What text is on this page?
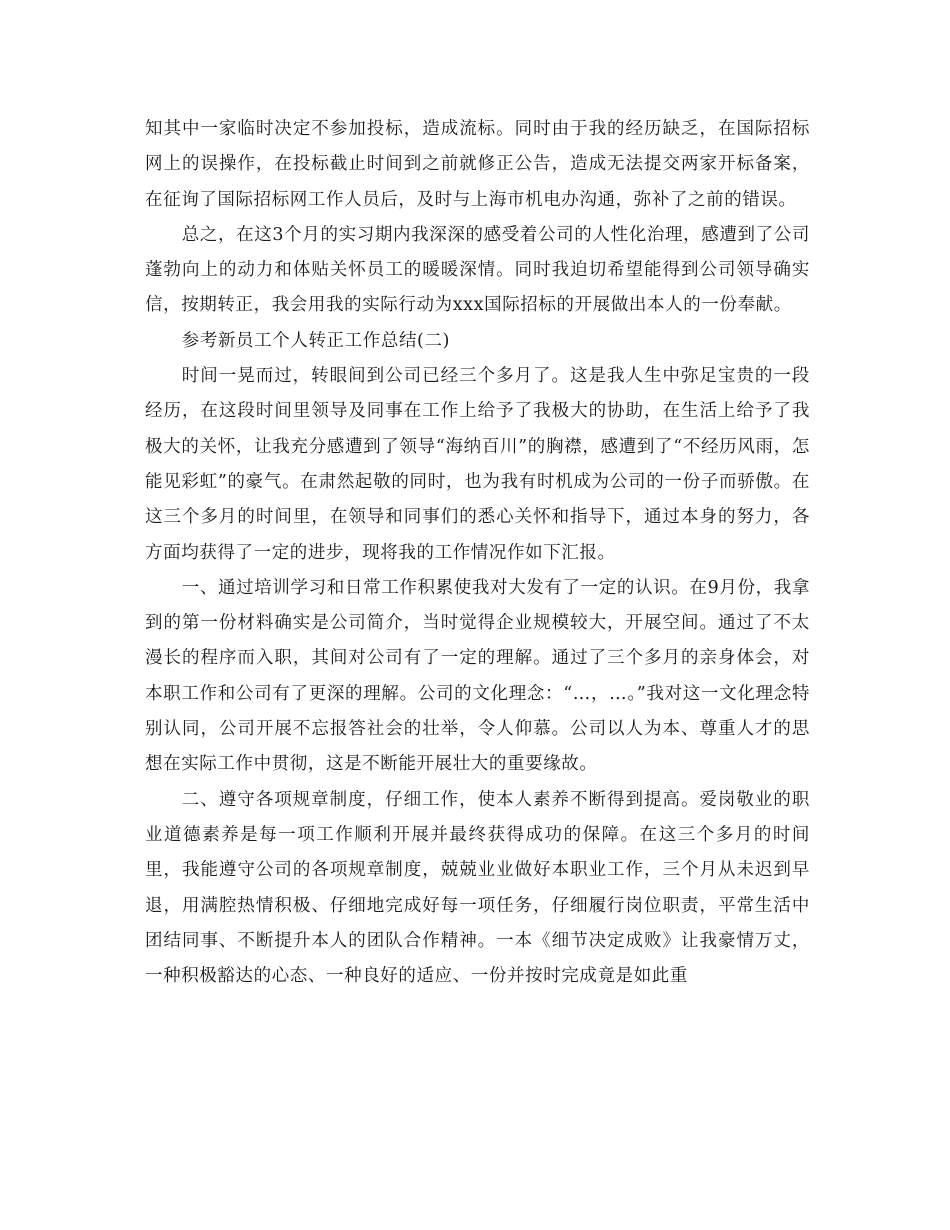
知其中一家临时决定不参加投标，造成流标。同时由于我的经历缺乏，在国际招标网上的误操作，在投标截止时间到之前就修正公告，造成无法提交两家开标备案，在征询了国际招标网工作人员后，及时与上海市机电办沟通，弥补了之前的错误。

总之，在这3个月的实习期内我深深的感受着公司的人性化治理，感遭到了公司蓬勃向上的动力和体贴关怀员工的暖暖深情。同时我迫切希望能得到公司领导确实信，按期转正，我会用我的实际行动为xxx国际招标的开展做出本人的一份奉献。

参考新员工个人转正工作总结(二)

时间一晃而过，转眼间到公司已经三个多月了。这是我人生中弥足宝贵的一段经历，在这段时间里领导及同事在工作上给予了我极大的协助，在生活上给予了我极大的关怀，让我充分感遭到了领导“海纳百川”的胸襟，感遭到了“不经历风雨，怎能见彩虹”的豪气。在肃然起敬的同时，也为我有时机成为公司的一份子而骄傲。在这三个多月的时间里，在领导和同事们的悉心关怀和指导下，通过本身的努力，各方面均获得了一定的进步，现将我的工作情况作如下汇报。

一、通过培训学习和日常工作积累使我对大发有了一定的认识。在9月份，我拿到的第一份材料确实是公司简介，当时觉得企业规模较大，开展空间。通过了不太漫长的程序而入职，其间对公司有了一定的理解。通过了三个多月的亲身体会，对本职工作和公司有了更深的理解。公司的文化理念：“…，…。”我对这一文化理念特别认同，公司开展不忘报答社会的壮举，令人仰慕。公司以人为本、尊重人才的思想在实际工作中贯彻，这是不断能开展壮大的重要缘故。

二、遵守各项规章制度，仔细工作，使本人素养不断得到提高。爱岗敬业的职业道德素养是每一项工作顺利开展并最终获得成功的保障。在这三个多月的时间里，我能遵守公司的各项规章制度，兢兢业业做好本职业工作，三个月从未迟到早退，用满腔热情积极、仔细地完成好每一项任务，仔细履行岗位职责，平常生活中团结同事、不断提升本人的团队合作精神。一本《细节决定成败》让我豪情万丈，一种积极豁达的心态、一种良好的适应、一份并按时完成竟是如此重
